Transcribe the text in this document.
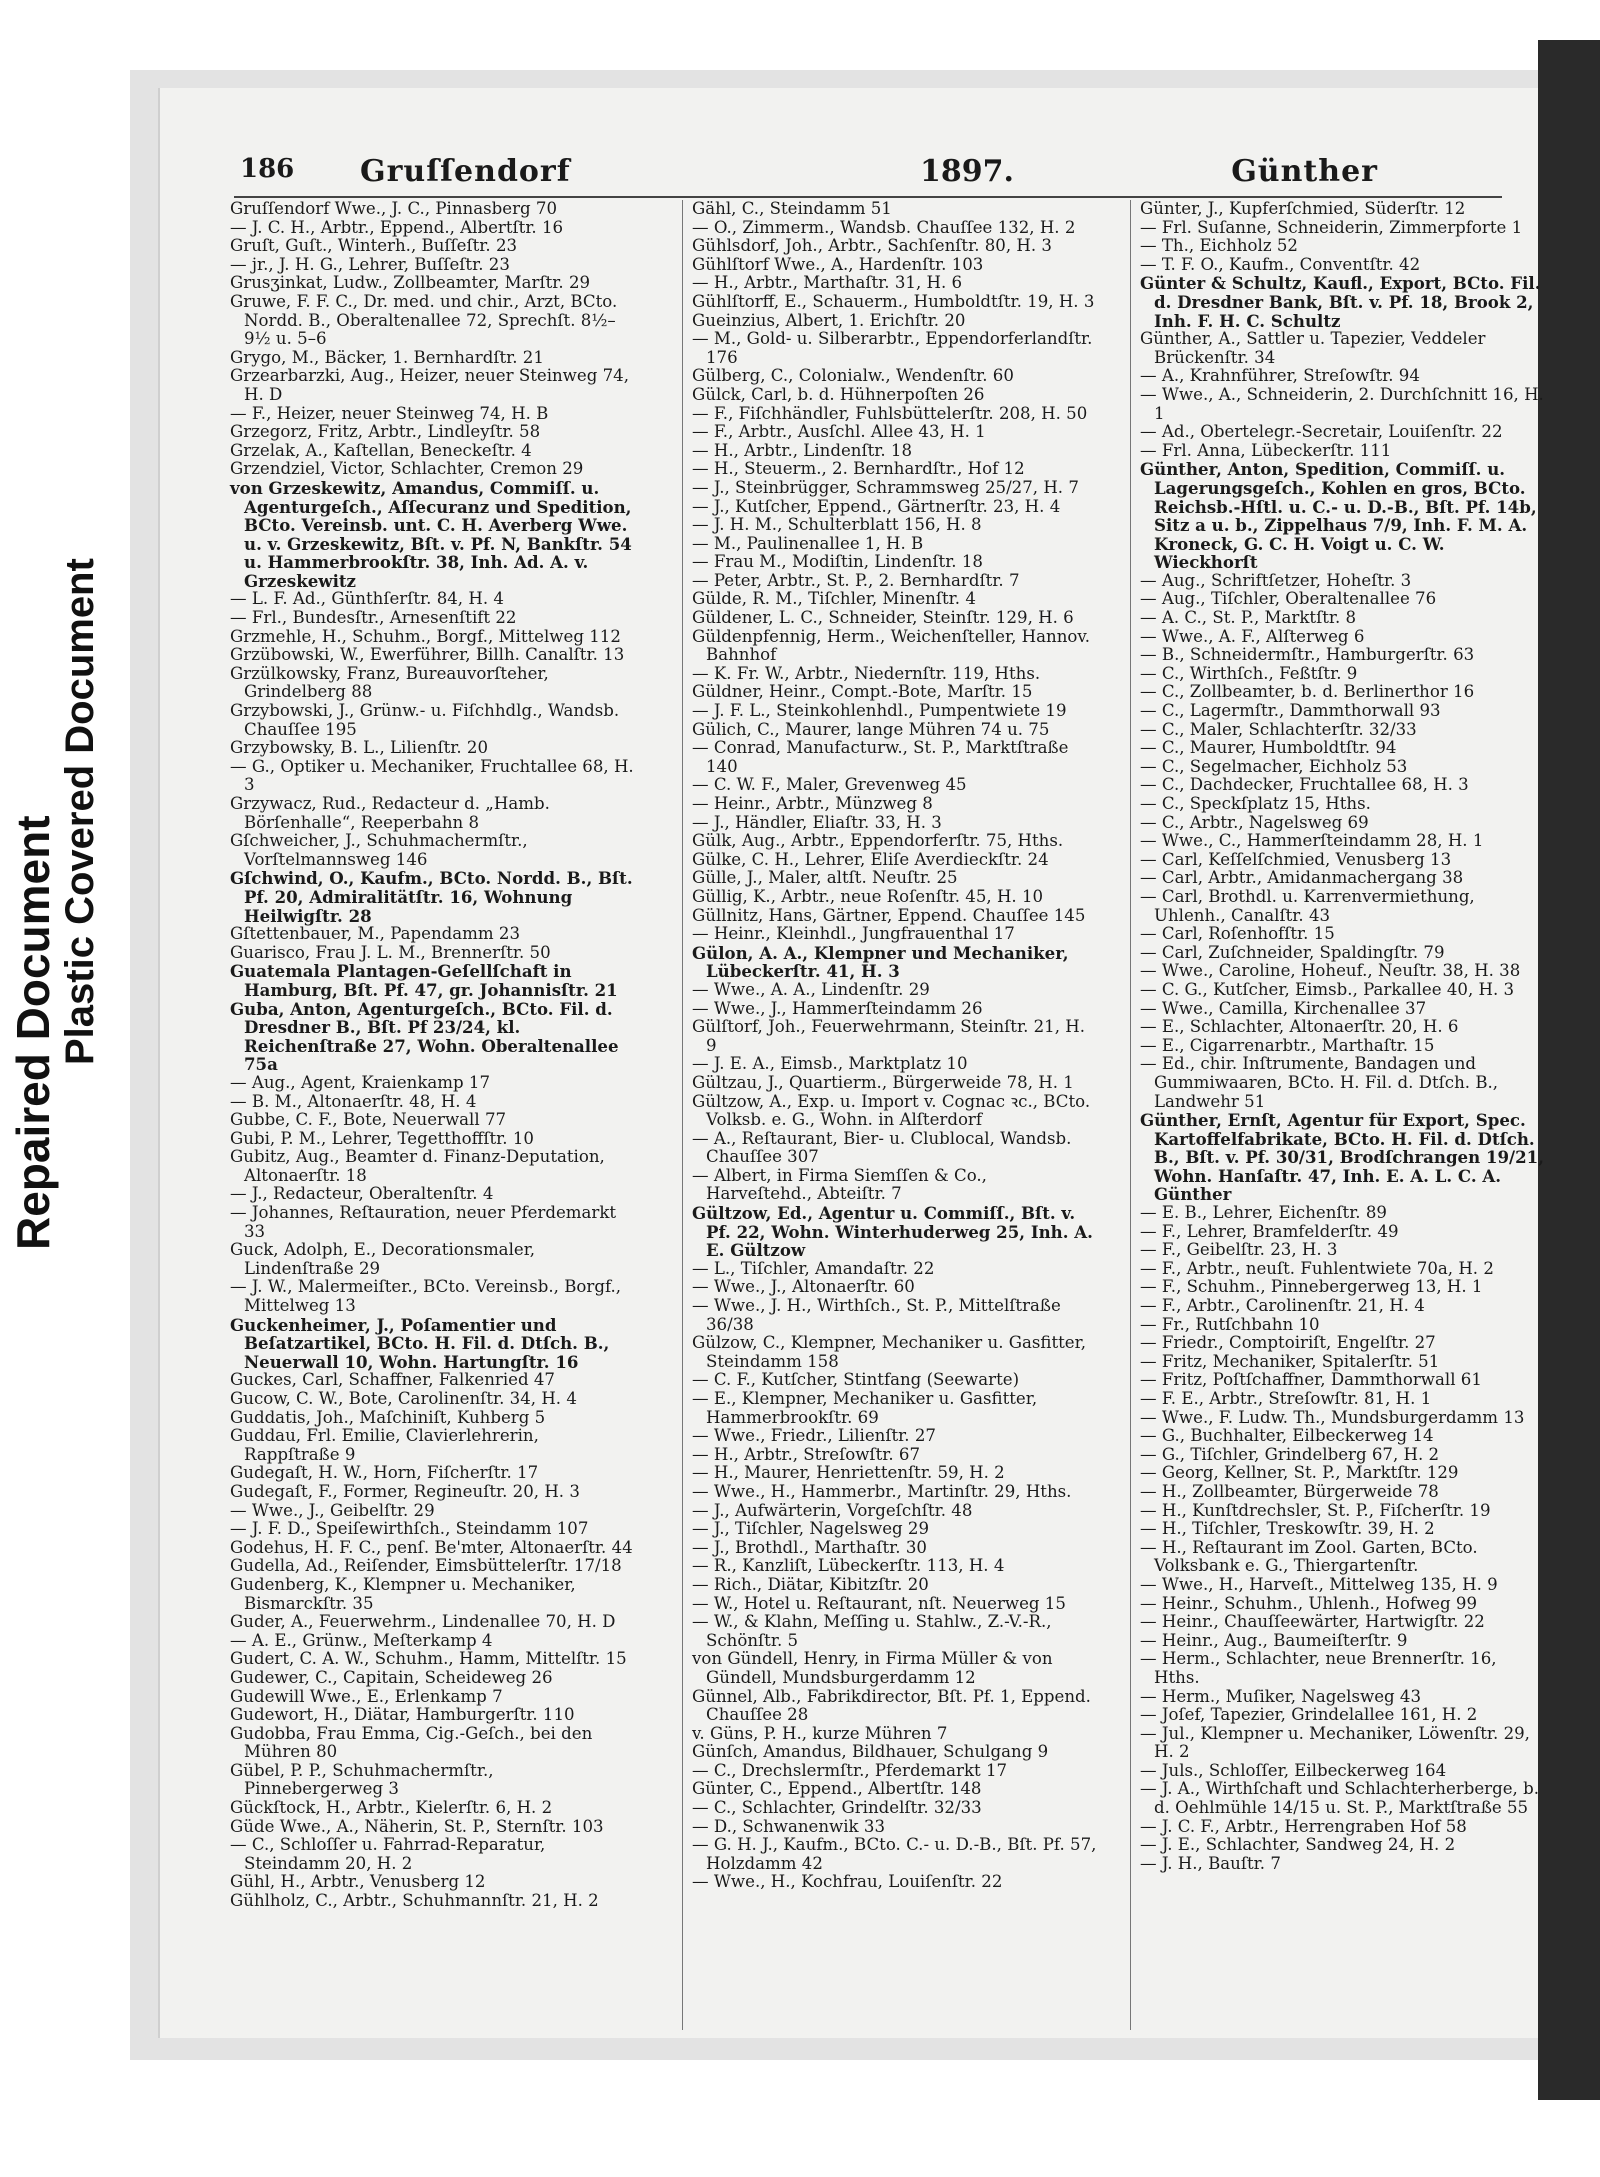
Repaired Document Plastic Covered Document
186 Gruſſendorf	1897.	Günther

Gruſſendorf Wwe., J. C., Pinnasberg 70

— J. C. H., Arbtr., Eppend., Albertſtr. 16

Gruſt, Guſt., Winterh., Buſſeſtr. 23

— jr., J. H. G., Lehrer, Buſſeſtr. 23

Grusʒinkat, Ludw., Zollbeamter, Marſtr. 29

Gruwe, F. F. C., Dr. med. und chir., Arzt, BCto. Nordd. B., Oberaltenallee 72, Sprechſt. 8½–9½ u. 5–6

Grygo, M., Bäcker, 1. Bernhardſtr. 21

Grzearbarzki, Aug., Heizer, neuer Steinweg 74, H. D

— F., Heizer, neuer Steinweg 74, H. B

Grzegorz, Fritz, Arbtr., Lindleyſtr. 58

Grzelak, A., Kaſtellan, Beneckeſtr. 4

Grzendziel, Victor, Schlachter, Cremon 29

von Grzeskewitz, Amandus, Commiſſ. u. Agenturgeſch., Aſſecuranz und Spedition, BCto. Vereinsb. unt. C. H. Averberg Wwe. u. v. Grzeskewitz, Bſt. v. Pf. N, Bankſtr. 54 u. Hammerbrookſtr. 38, Inh. Ad. A. v. Grzeskewitz

— L. F. Ad., Günthſerſtr. 84, H. 4

— Frl., Bundesſtr., Arnesenſtift 22

Grzmehle, H., Schuhm., Borgf., Mittelweg 112

Grzübowski, W., Ewerführer, Billh. Canalſtr. 13

Grzülkowsky, Franz, Bureauvorſteher, Grindelberg 88

Grzybowski, J., Grünw.- u. Fiſchhdlg., Wandsb. Chauſſee 195

Grzybowsky, B. L., Lilienſtr. 20

— G., Optiker u. Mechaniker, Fruchtallee 68, H. 3

Grzywacz, Rud., Redacteur d. „Hamb. Börſenhalle“, Reeperbahn 8

Gſchweicher, J., Schuhmachermſtr., Vorſtelmannsweg 146

Gſchwind, O., Kaufm., BCto. Nordd. B., Bſt. Pf. 20, Admiralitätſtr. 16, Wohnung Heilwigſtr. 28

Gſtettenbauer, M., Papendamm 23

Guarisco, Frau J. L. M., Brennerſtr. 50

Guatemala Plantagen-Geſellſchaft in Hamburg, Bſt. Pf. 47, gr. Johannisſtr. 21

Guba, Anton, Agenturgeſch., BCto. Fil. d. Dresdner B., Bſt. Pf 23/24, kl. Reichenſtraße 27, Wohn. Oberaltenallee 75a

— Aug., Agent, Kraienkamp 17

— B. M., Altonaerſtr. 48, H. 4

Gubbe, C. F., Bote, Neuerwall 77

Gubi, P. M., Lehrer, Tegetthoffſtr. 10

Gubitz, Aug., Beamter d. Finanz-Deputation, Altonaerſtr. 18

— J., Redacteur, Oberaltenſtr. 4

— Johannes, Reſtauration, neuer Pferdemarkt 33

Guck, Adolph, E., Decorationsmaler, Lindenſtraße 29

— J. W., Malermeiſter., BCto. Vereinsb., Borgf., Mittelweg 13

Guckenheimer, J., Poſamentier und Beſatzartikel, BCto. H. Fil. d. Dtſch. B., Neuerwall 10, Wohn. Hartungſtr. 16

Guckes, Carl, Schaffner, Falkenried 47

Gucow, C. W., Bote, Carolinenſtr. 34, H. 4

Guddatis, Joh., Maſchiniſt, Kuhberg 5

Guddau, Frl. Emilie, Clavierlehrerin, Rappſtraße 9

Gudegaſt, H. W., Horn, Fiſcherſtr. 17

Gudegaſt, F., Former, Regineuſtr. 20, H. 3

— Wwe., J., Geibelſtr. 29

— J. F. D., Speiſewirthſch., Steindamm 107

Godehus, H. F. C., penſ. Be'mter, Altonaerſtr. 44

Gudella, Ad., Reiſender, Eimsbüttelerſtr. 17/18

Gudenberg, K., Klempner u. Mechaniker, Bismarckſtr. 35

Guder, A., Feuerwehrm., Lindenallee 70, H. D

— A. E., Grünw., Meſterkamp 4

Gudert, C. A. W., Schuhm., Hamm, Mittelſtr. 15

Gudewer, C., Capitain, Scheideweg 26

Gudewill Wwe., E., Erlenkamp 7

Gudewort, H., Diätar, Hamburgerſtr. 110

Gudobba, Frau Emma, Cig.-Geſch., bei den Mühren 80

Gübel, P. P., Schuhmachermſtr., Pinnebergerweg 3

Gückſtock, H., Arbtr., Kielerſtr. 6, H. 2

Güde Wwe., A., Näherin, St. P., Sternſtr. 103

— C., Schloſſer u. Fahrrad-Reparatur, Steindamm 20, H. 2

Gühl, H., Arbtr., Venusberg 12

Gühlholz, C., Arbtr., Schuhmannſtr. 21, H. 2

Gähl, C., Steindamm 51

— O., Zimmerm., Wandsb. Chauſſee 132, H. 2

Gühlsdorf, Joh., Arbtr., Sachſenſtr. 80, H. 3

Gühlſtorf Wwe., A., Hardenſtr. 103

— H., Arbtr., Marthaſtr. 31, H. 6

Gühlſtorff, E., Schauerm., Humboldtſtr. 19, H. 3

Gueinzius, Albert, 1. Erichſtr. 20

— M., Gold- u. Silberarbtr., Eppendorferlandſtr. 176

Gülberg, C., Colonialw., Wendenſtr. 60

Gülck, Carl, b. d. Hühnerpoſten 26

— F., Fiſchhändler, Fuhlsbüttelerſtr. 208, H. 50

— F., Arbtr., Ausſchl. Allee 43, H. 1

— H., Arbtr., Lindenſtr. 18

— H., Steuerm., 2. Bernhardſtr., Hof 12

— J., Steinbrügger, Schrammsweg 25/27, H. 7

— J., Kutſcher, Eppend., Gärtnerſtr. 23, H. 4

— J. H. M., Schulterblatt 156, H. 8

— M., Paulinenallee 1, H. B

— Frau M., Modiſtin, Lindenſtr. 18

— Peter, Arbtr., St. P., 2. Bernhardſtr. 7

Gülde, R. M., Tiſchler, Minenſtr. 4

Güldener, L. C., Schneider, Steinſtr. 129, H. 6

Güldenpfennig, Herm., Weichenſteller, Hannov. Bahnhof

— K. Fr. W., Arbtr., Niedernſtr. 119, Hths.

Güldner, Heinr., Compt.-Bote, Marſtr. 15

— J. F. L., Steinkohlenhdl., Pumpentwiete 19

Gülich, C., Maurer, lange Mühren 74 u. 75

— Conrad, Manufacturw., St. P., Marktſtraße 140

— C. W. F., Maler, Grevenweg 45

— Heinr., Arbtr., Münzweg 8

— J., Händler, Eliaſtr. 33, H. 3

Gülk, Aug., Arbtr., Eppendorferſtr. 75, Hths.

Gülke, C. H., Lehrer, Eliſe Averdieckſtr. 24

Gülle, J., Maler, altſt. Neuſtr. 25

Güllig, K., Arbtr., neue Roſenſtr. 45, H. 10

Güllnitz, Hans, Gärtner, Eppend. Chauſſee 145

— Heinr., Kleinhdl., Jungfrauenthal 17

Gülon, A. A., Klempner und Mechaniker, Lübeckerſtr. 41, H. 3

— Wwe., A. A., Lindenſtr. 29

— Wwe., J., Hammerſteindamm 26

Gülſtorf, Joh., Feuerwehrmann, Steinſtr. 21, H. 9

— J. E. A., Eimsb., Marktplatz 10

Gültzau, J., Quartierm., Bürgerweide 78, H. 1

Gültzow, A., Exp. u. Import v. Cognac ꝛc., BCto. Volksb. e. G., Wohn. in Alſterdorf

— A., Reſtaurant, Bier- u. Clublocal, Wandsb. Chauſſee 307

— Albert, in Firma Siemſſen & Co., Harveſtehd., Abteiſtr. 7

Gültzow, Ed., Agentur u. Commiſſ., Bſt. v. Pf. 22, Wohn. Winterhuderweg 25, Inh. A. E. Gültzow

— L., Tiſchler, Amandaſtr. 22

— Wwe., J., Altonaerſtr. 60

— Wwe., J. H., Wirthſch., St. P., Mittelſtraße 36/38

Gülzow, C., Klempner, Mechaniker u. Gasfitter, Steindamm 158

— C. F., Kutſcher, Stintfang (Seewarte)

— E., Klempner, Mechaniker u. Gasfitter, Hammerbrookſtr. 69

— Wwe., Friedr., Lilienſtr. 27

— H., Arbtr., Streſowſtr. 67

— H., Maurer, Henriettenſtr. 59, H. 2

— Wwe., H., Hammerbr., Martinſtr. 29, Hths.

— J., Aufwärterin, Vorgeſchſtr. 48

— J., Tiſchler, Nagelsweg 29

— J., Brothdl., Marthaſtr. 30

— R., Kanzliſt, Lübeckerſtr. 113, H. 4

— Rich., Diätar, Kibitzſtr. 20

— W., Hotel u. Reſtaurant, nſt. Neuerweg 15

— W., & Klahn, Meſſing u. Stahlw., Z.-V.-R., Schönſtr. 5

von Gündell, Henry, in Firma Müller & von Gündell, Mundsburgerdamm 12

Günnel, Alb., Fabrikdirector, Bſt. Pf. 1, Eppend. Chauſſee 28

v. Güns, P. H., kurze Mühren 7

Günſch, Amandus, Bildhauer, Schulgang 9

— C., Drechslermſtr., Pferdemarkt 17

Günter, C., Eppend., Albertſtr. 148

— C., Schlachter, Grindelſtr. 32/33

— D., Schwanenwik 33

— G. H. J., Kaufm., BCto. C.- u. D.-B., Bſt. Pf. 57, Holzdamm 42

— Wwe., H., Kochfrau, Louiſenſtr. 22

Günter, J., Kupferſchmied, Süderſtr. 12

— Frl. Suſanne, Schneiderin, Zimmerpforte 1

— Th., Eichholz 52

— T. F. O., Kaufm., Conventſtr. 42

Günter & Schultz, Kaufl., Export, BCto. Fil. d. Dresdner Bank, Bſt. v. Pf. 18, Brook 2, Inh. F. H. C. Schultz

Günther, A., Sattler u. Tapezier, Veddeler Brückenſtr. 34

— A., Krahnführer, Streſowſtr. 94

— Wwe., A., Schneiderin, 2. Durchſchnitt 16, H. 1

— Ad., Obertelegr.-Secretair, Louiſenſtr. 22

— Frl. Anna, Lübeckerſtr. 111

Günther, Anton, Spedition, Commiſſ. u. Lagerungsgeſch., Kohlen en gros, BCto. Reichsb.-Hſtl. u. C.- u. D.-B., Bſt. Pf. 14b, Sitz a u. b., Zippelhaus 7/9, Inh. F. M. A. Kroneck, G. C. H. Voigt u. C. W. Wieckhorſt

— Aug., Schriftſetzer, Hoheſtr. 3

— Aug., Tiſchler, Oberaltenallee 76

— A. C., St. P., Marktſtr. 8

— Wwe., A. F., Alſterweg 6

— B., Schneidermſtr., Hamburgerſtr. 63

— C., Wirthſch., Feßtſtr. 9

— C., Zollbeamter, b. d. Berlinerthor 16

— C., Lagermſtr., Dammthorwall 93

— C., Maler, Schlachterſtr. 32/33

— C., Maurer, Humboldtſtr. 94

— C., Segelmacher, Eichholz 53

— C., Dachdecker, Fruchtallee 68, H. 3

— C., Speckſplatz 15, Hths.

— C., Arbtr., Nagelsweg 69

— Wwe., C., Hammerſteindamm 28, H. 1

— Carl, Keſſelſchmied, Venusberg 13

— Carl, Arbtr., Amidanmachergang 38

— Carl, Brothdl. u. Karrenvermiethung, Uhlenh., Canalſtr. 43

— Carl, Roſenhofſtr. 15

— Carl, Zuſchneider, Spaldingſtr. 79

— Wwe., Caroline, Hoheuf., Neuſtr. 38, H. 38

— C. G., Kutſcher, Eimsb., Parkallee 40, H. 3

— Wwe., Camilla, Kirchenallee 37

— E., Schlachter, Altonaerſtr. 20, H. 6

— E., Cigarrenarbtr., Marthaſtr. 15

— Ed., chir. Inſtrumente, Bandagen und Gummiwaaren, BCto. H. Fil. d. Dtſch. B., Landwehr 51

Günther, Ernſt, Agentur für Export, Spec. Kartoffelfabrikate, BCto. H. Fil. d. Dtſch. B., Bſt. v. Pf. 30/31, Brodſchrangen 19/21, Wohn. Hanſaſtr. 47, Inh. E. A. L. C. A. Günther

— E. B., Lehrer, Eichenſtr. 89

— F., Lehrer, Bramfelderſtr. 49

— F., Geibelſtr. 23, H. 3

— F., Arbtr., neuſt. Fuhlentwiete 70a, H. 2

— F., Schuhm., Pinnebergerweg 13, H. 1

— F., Arbtr., Carolinenſtr. 21, H. 4

— Fr., Rutſchbahn 10

— Friedr., Comptoiriſt, Engelſtr. 27

— Fritz, Mechaniker, Spitalerſtr. 51

— Fritz, Poſtſchaffner, Dammthorwall 61

— F. E., Arbtr., Streſowſtr. 81, H. 1

— Wwe., F. Ludw. Th., Mundsburgerdamm 13

— G., Buchhalter, Eilbeckerweg 14

— G., Tiſchler, Grindelberg 67, H. 2

— Georg, Kellner, St. P., Marktſtr. 129

— H., Zollbeamter, Bürgerweide 78

— H., Kunſtdrechsler, St. P., Fiſcherſtr. 19

— H., Tiſchler, Treskowſtr. 39, H. 2

— H., Reſtaurant im Zool. Garten, BCto. Volksbank e. G., Thiergartenſtr.

— Wwe., H., Harveſt., Mittelweg 135, H. 9

— Heinr., Schuhm., Uhlenh., Hofweg 99

— Heinr., Chauſſeewärter, Hartwigſtr. 22

— Heinr., Aug., Baumeiſterſtr. 9

— Herm., Schlachter, neue Brennerſtr. 16, Hths.

— Herm., Muſiker, Nagelsweg 43

— Joſef, Tapezier, Grindelallee 161, H. 2

— Jul., Klempner u. Mechaniker, Löwenſtr. 29, H. 2

— Juls., Schloſſer, Eilbeckerweg 164

— J. A., Wirthſchaft und Schlachterherberge, b. d. Oehlmühle 14/15 u. St. P., Marktſtraße 55

— J. C. F., Arbtr., Herrengraben Hof 58

— J. E., Schlachter, Sandweg 24, H. 2

— J. H., Bauſtr. 7
